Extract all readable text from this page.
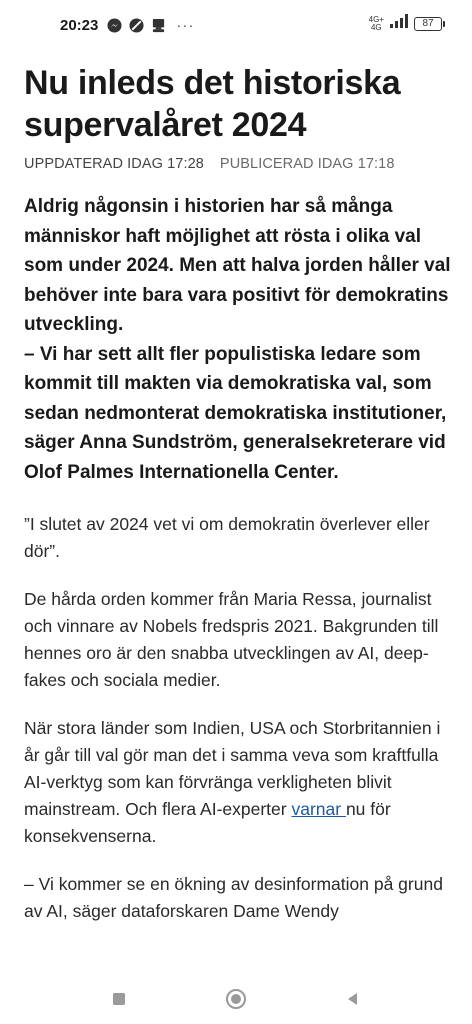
20:23	···	4G+
4G	87
Nu inleds det historiska supervalåret 2024
UPPDATERAD IDAG 17:28 PUBLICERAD IDAG 17:18

Aldrig någonsin i historien har så många människor haft möjlighet att rösta i olika val som under 2024. Men att halva jorden håller val behöver inte bara vara positivt för demokratins utveckling.

– Vi har sett allt fler populistiska ledare som kommit till makten via demokratiska val, som sedan nedmonterat demokratiska institutioner, säger Anna Sundström, generalsekreterare vid Olof Palmes Internationella Center.

”I slutet av 2024 vet vi om demokratin överlever eller dör”.

De hårda orden kommer från Maria Ressa, journalist och vinnare av Nobels fredspris 2021. Bakgrunden till hennes oro är den snabba utvecklingen av AI, deep-fakes och sociala medier.

När stora länder som Indien, USA och Storbritannien i år går till val gör man det i samma veva som kraftfulla AI-verktyg som kan förvränga verkligheten blivit mainstream. Och flera AI-experter varnar nu för konsekvenserna.

– Vi kommer se en ökning av desinformation på grund av AI, säger dataforskaren Dame Wendy
